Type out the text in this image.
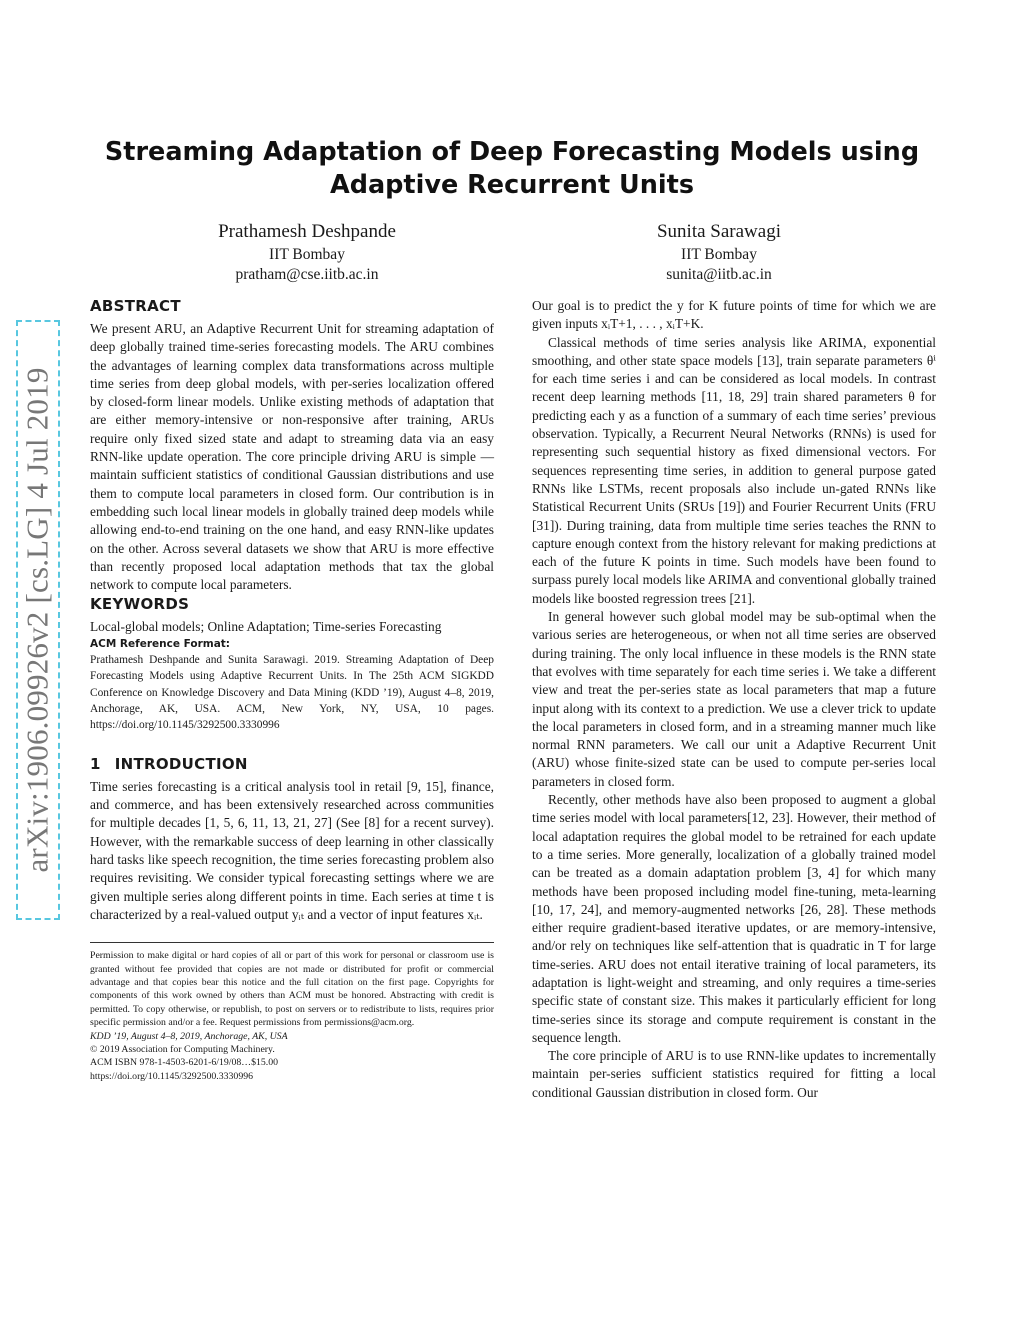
arXiv:1906.09926v2 [cs.LG] 4 Jul 2019
Streaming Adaptation of Deep Forecasting Models using
Adaptive Recurrent Units
Prathamesh Deshpande
IIT Bombay
pratham@cse.iitb.ac.in
Sunita Sarawagi
IIT Bombay
sunita@iitb.ac.in
ABSTRACT

We present ARU, an Adaptive Recurrent Unit for streaming adaptation of deep globally trained time-series forecasting models. The ARU combines the advantages of learning complex data transformations across multiple time series from deep global models, with per-series localization offered by closed-form linear models. Unlike existing methods of adaptation that are either memory-intensive or non-responsive after training, ARUs require only fixed sized state and adapt to streaming data via an easy RNN-like update operation. The core principle driving ARU is simple — maintain sufficient statistics of conditional Gaussian distributions and use them to compute local parameters in closed form. Our contribution is in embedding such local linear models in globally trained deep models while allowing end-to-end training on the one hand, and easy RNN-like updates on the other. Across several datasets we show that ARU is more effective than recently proposed local adaptation methods that tax the global network to compute local parameters.

KEYWORDS

Local-global models; Online Adaptation; Time-series Forecasting

ACM Reference Format:

Prathamesh Deshpande and Sunita Sarawagi. 2019. Streaming Adaptation of Deep Forecasting Models using Adaptive Recurrent Units. In The 25th ACM SIGKDD Conference on Knowledge Discovery and Data Mining (KDD ’19), August 4–8, 2019, Anchorage, AK, USA. ACM, New York, NY, USA, 10 pages. https://doi.org/10.1145/3292500.3330996

1 INTRODUCTION

Time series forecasting is a critical analysis tool in retail [9, 15], finance, and commerce, and has been extensively researched across communities for multiple decades [1, 5, 6, 11, 13, 21, 27] (See [8] for a recent survey). However, with the remarkable success of deep learning in other classically hard tasks like speech recognition, the time series forecasting problem also requires revisiting. We consider typical forecasting settings where we are given multiple series along different points in time. Each series at time t is characterized by a real-valued output yᵢₜ and a vector of input features xᵢₜ.

Permission to make digital or hard copies of all or part of this work for personal or classroom use is granted without fee provided that copies are not made or distributed for profit or commercial advantage and that copies bear this notice and the full citation on the first page. Copyrights for components of this work owned by others than ACM must be honored. Abstracting with credit is permitted. To copy otherwise, or republish, to post on servers or to redistribute to lists, requires prior specific permission and/or a fee. Request permissions from permissions@acm.org.

KDD ’19, August 4–8, 2019, Anchorage, AK, USA

© 2019 Association for Computing Machinery.

ACM ISBN 978-1-4503-6201-6/19/08…$15.00

https://doi.org/10.1145/3292500.3330996

Our goal is to predict the y for K future points of time for which we are given inputs xᵢT+1, . . . , xᵢT+K.

Classical methods of time series analysis like ARIMA, exponential smoothing, and other state space models [13], train separate parameters θⁱ for each time series i and can be considered as local models. In contrast recent deep learning methods [11, 18, 29] train shared parameters θ for predicting each y as a function of a summary of each time series’ previous observation. Typically, a Recurrent Neural Networks (RNNs) is used for representing such sequential history as fixed dimensional vectors. For sequences representing time series, in addition to general purpose gated RNNs like LSTMs, recent proposals also include un-gated RNNs like Statistical Recurrent Units (SRUs [19]) and Fourier Recurrent Units (FRU [31]). During training, data from multiple time series teaches the RNN to capture enough context from the history relevant for making predictions at each of the future K points in time. Such models have been found to surpass purely local models like ARIMA and conventional globally trained models like boosted regression trees [21].

In general however such global model may be sub-optimal when the various series are heterogeneous, or when not all time series are observed during training. The only local influence in these models is the RNN state that evolves with time separately for each time series i. We take a different view and treat the per-series state as local parameters that map a future input along with its context to a prediction. We use a clever trick to update the local parameters in closed form, and in a streaming manner much like normal RNN parameters. We call our unit a Adaptive Recurrent Unit (ARU) whose finite-sized state can be used to compute per-series local parameters in closed form.

Recently, other methods have also been proposed to augment a global time series model with local parameters[12, 23]. However, their method of local adaptation requires the global model to be retrained for each update to a time series. More generally, localization of a globally trained model can be treated as a domain adaptation problem [3, 4] for which many methods have been proposed including model fine-tuning, meta-learning [10, 17, 24], and memory-augmented networks [26, 28]. These methods either require gradient-based iterative updates, or are memory-intensive, and/or rely on techniques like self-attention that is quadratic in T for large time-series. ARU does not entail iterative training of local parameters, its adaptation is light-weight and streaming, and only requires a time-series specific state of constant size. This makes it particularly efficient for long time-series since its storage and compute requirement is constant in the sequence length.

The core principle of ARU is to use RNN-like updates to incrementally maintain per-series sufficient statistics required for fitting a local conditional Gaussian distribution in closed form. Our
